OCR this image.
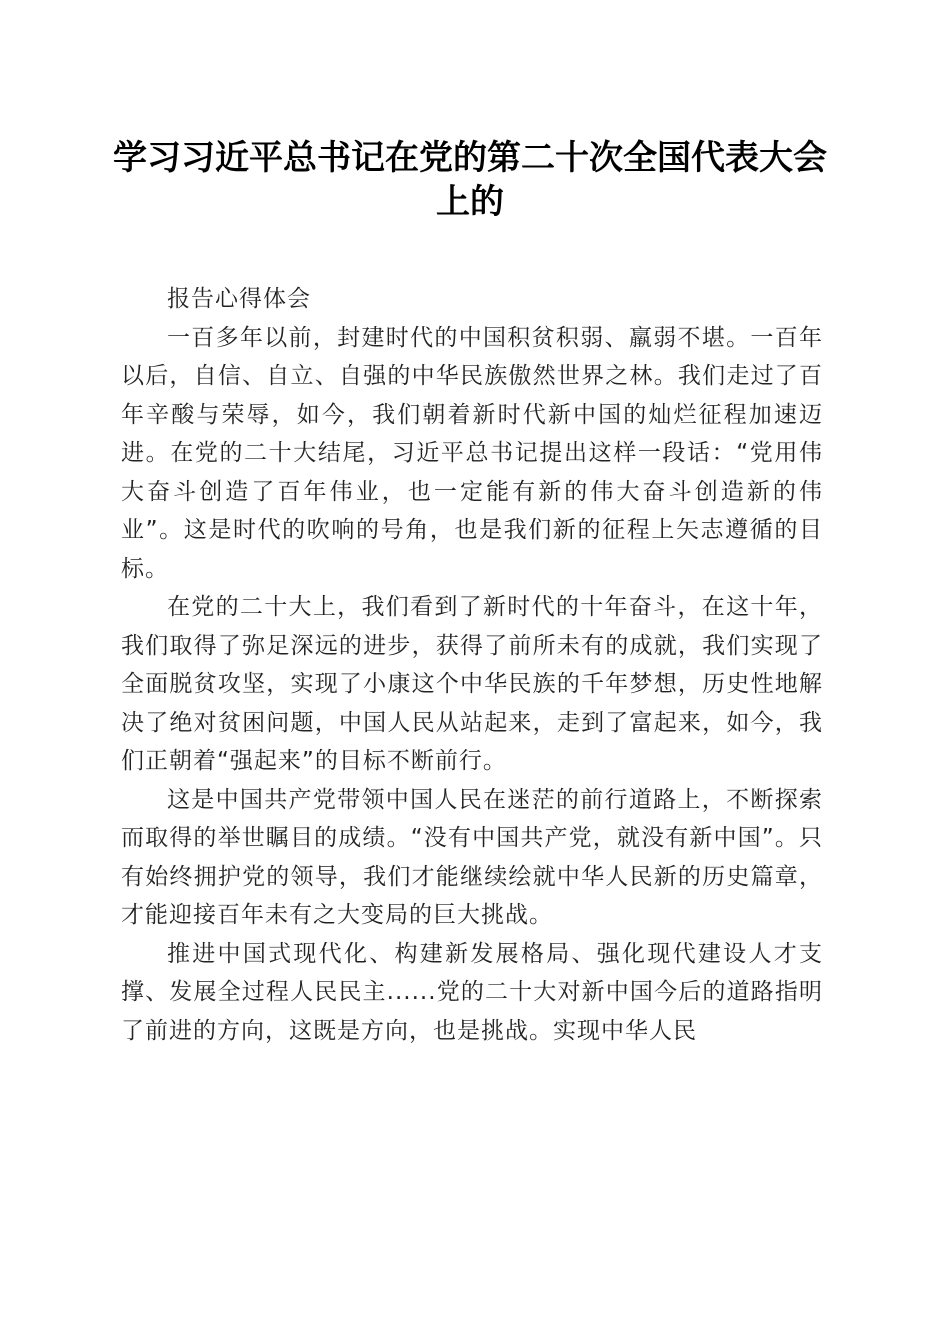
学习习近平总书记在党的第二十次全国代表大会上的

报告心得体会

一百多年以前，封建时代的中国积贫积弱、羸弱不堪。一百年以后，自信、自立、自强的中华民族傲然世界之林。我们走过了百年辛酸与荣辱，如今，我们朝着新时代新中国的灿烂征程加速迈进。在党的二十大结尾，习近平总书记提出这样一段话：“党用伟大奋斗创造了百年伟业，也一定能有新的伟大奋斗创造新的伟业”。这是时代的吹响的号角，也是我们新的征程上矢志遵循的目标。

在党的二十大上，我们看到了新时代的十年奋斗，在这十年，我们取得了弥足深远的进步，获得了前所未有的成就，我们实现了全面脱贫攻坚，实现了小康这个中华民族的千年梦想，历史性地解决了绝对贫困问题，中国人民从站起来，走到了富起来，如今，我们正朝着“强起来”的目标不断前行。

这是中国共产党带领中国人民在迷茫的前行道路上，不断探索而取得的举世瞩目的成绩。“没有中国共产党，就没有新中国”。只有始终拥护党的领导，我们才能继续绘就中华人民新的历史篇章，才能迎接百年未有之大变局的巨大挑战。

推进中国式现代化、构建新发展格局、强化现代建设人才支撑、发展全过程人民民主......党的二十大对新中国今后的道路指明了前进的方向，这既是方向，也是挑战。实现中华人民
